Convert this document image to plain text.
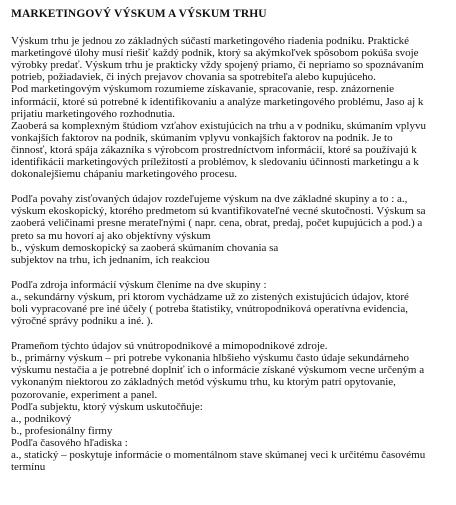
MARKETINGOVÝ VÝSKUM A VÝSKUM TRHU
Výskum trhu je jednou zo základných súčastí marketingového riadenia podniku. Praktické
marketingové úlohy musí riešiť každý podnik, ktorý sa akýmkoľvek spôsobom pokúša svoje
výrobky predať. Výskum trhu je prakticky vždy spojený priamo, či nepriamo so spoznávaním
potrieb, požiadaviek, či iných prejavov chovania sa spotrebiteľa alebo kupujúceho.
Pod marketingovým výskumom rozumieme získavanie, spracovanie, resp. znázornenie
informácií, ktoré sú potrebné k identifikovaniu a analýze marketingového problému, Jaso aj k
prijatiu marketingového rozhodnutia.
Zaoberá sa komplexným štúdiom vzťahov existujúcich na trhu a v podniku, skúmaním vplyvu
vonkajších faktorov na podnik, skúmaním vplyvu vonkajších faktorov na podnik. Je to
činnosť, ktorá spája zákazníka s výrobcom prostredníctvom informácií, ktoré sa používajú k
identifikácii marketingových príležitostí a problémov, k sledovaniu účinnosti marketingu a k
dokonalejšiemu chápaniu marketingového procesu.
Podľa povahy zisťovaných údajov rozdeľujeme výskum na dve základné skupiny a to : a.,
výskum ekoskopický, ktorého predmetom sú kvantifikovateľné vecné skutočnosti. Výskum sa
zaoberá veličinami presne merateľnými ( napr. cena, obrat, predaj, počet kupujúcich a pod.) a
preto sa mu hovorí aj ako objektívny výskum
b., výskum demoskopický sa zaoberá skúmaním chovania sa
subjektov na trhu, ich jednaním, ich reakciou
Podľa zdroja informácií výskum členíme na dve skupiny :
a., sekundárny výskum, pri ktorom vychádzame už zo zistených existujúcich údajov, ktoré
boli vypracované pre iné účely ( potreba štatistiky, vnútropodniková operatívna evidencia,
výročné správy podniku a iné. ).
Prameňom týchto údajov sú vnútropodnikové a mimopodnikové zdroje.
b., primárny výskum – pri potrebe vykonania hlbšieho výskumu často údaje sekundárneho
výskumu nestačia a je potrebné doplniť ich o informácie získané výskumom vecne určeným a
vykonaným niektorou zo základných metód výskumu trhu, ku ktorým patrí opytovanie,
pozorovanie, experiment a panel.
Podľa subjektu, ktorý výskum uskutočňuje:
a., podnikový
b., profesionálny firmy
Podľa časového hľadiska :
a., statický – poskytuje informácie o momentálnom stave skúmanej veci k určitému časovému
termínu
